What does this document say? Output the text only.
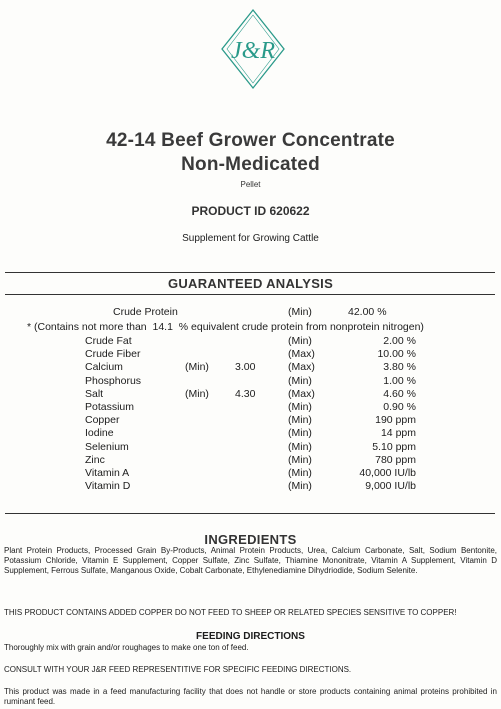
J&R
42-14 Beef Grower Concentrate
Non-Medicated
Pellet
PRODUCT ID 620622
Supplement for Growing Cattle
GUARANTEED ANALYSIS
Crude Protein	(Min)	42.00 %
* (Contains not more than 14.1 % equivalent crude protein from nonprotein nitrogen)
Crude Fat	(Min)	2.00 %
Crude Fiber	(Max)	10.00 %
Calcium	(Min) 3.00	(Max)	3.80 %
Phosphorus	(Min)	1.00 %
Salt	(Min) 4.30	(Max)	4.60 %
Potassium	(Min)	0.90 %
Copper	(Min)	190 ppm
Iodine	(Min)	14 ppm
Selenium	(Min)	5.10 ppm
Zinc	(Min)	780 ppm
Vitamin A	(Min)	40,000 IU/lb
Vitamin D	(Min)	9,000 IU/lb
INGREDIENTS
Plant Protein Products, Processed Grain By-Products, Animal Protein Products, Urea, Calcium Carbonate, Salt, Sodium Bentonite, Potassium Chloride, Vitamin E Supplement, Copper Sulfate, Zinc Sulfate, Thiamine Mononitrate, Vitamin A Supplement, Vitamin D Supplement, Ferrous Sulfate, Manganous Oxide, Cobalt Carbonate, Ethylenediamine Dihydriodide, Sodium Selenite.
THIS PRODUCT CONTAINS ADDED COPPER DO NOT FEED TO SHEEP OR RELATED SPECIES SENSITIVE TO COPPER!
FEEDING DIRECTIONS
Thoroughly mix with grain and/or roughages to make one ton of feed.
CONSULT WITH YOUR J&R FEED REPRESENTITIVE FOR SPECIFIC FEEDING DIRECTIONS.
This product was made in a feed manufacturing facility that does not handle or store products containing animal proteins prohibited in ruminant feed.
